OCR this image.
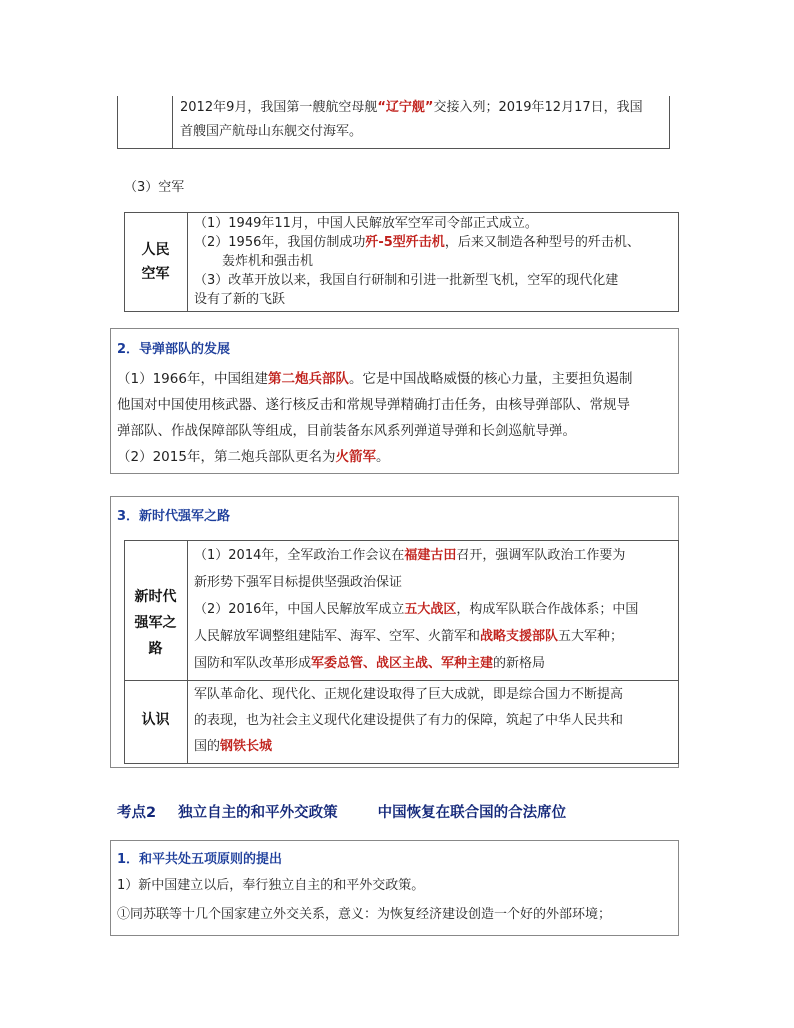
2012年9月，我国第一艘航空母舰“辽宁舰”交接入列；2019年12月17日，我国
首艘国产航母山东舰交付海军。
（3）空军
人民
空军
（1）1949年11月，中国人民解放军空军司令部正式成立。
（2）1956年，我国仿制成功歼-5型歼击机，后来又制造各种型号的歼击机、
轰炸机和强击机
（3）改革开放以来，我国自行研制和引进一批新型飞机，空军的现代化建
设有了新的飞跃
2．导弹部队的发展
（1）1966年，中国组建第二炮兵部队。它是中国战略威慑的核心力量，主要担负遏制
他国对中国使用核武器、遂行核反击和常规导弹精确打击任务，由核导弹部队、常规导
弹部队、作战保障部队等组成，目前装备东风系列弹道导弹和长剑巡航导弹。
（2）2015年，第二炮兵部队更名为火箭军。
3．新时代强军之路
新时代
强军之
路
（1）2014年，全军政治工作会议在福建古田召开，强调军队政治工作要为
新形势下强军目标提供坚强政治保证
（2）2016年，中国人民解放军成立五大战区，构成军队联合作战体系；中国
人民解放军调整组建陆军、海军、空军、火箭军和战略支援部队五大军种；
国防和军队改革形成军委总管、战区主战、军种主建的新格局
认识
军队革命化、现代化、正规化建设取得了巨大成就，即是综合国力不断提高
的表现，也为社会主义现代化建设提供了有力的保障，筑起了中华人民共和
国的钢铁长城
考点2 独立自主的和平外交政策	中国恢复在联合国的合法席位
1．和平共处五项原则的提出
1）新中国建立以后，奉行独立自主的和平外交政策。
①同苏联等十几个国家建立外交关系，意义：为恢复经济建设创造一个好的外部环境；
